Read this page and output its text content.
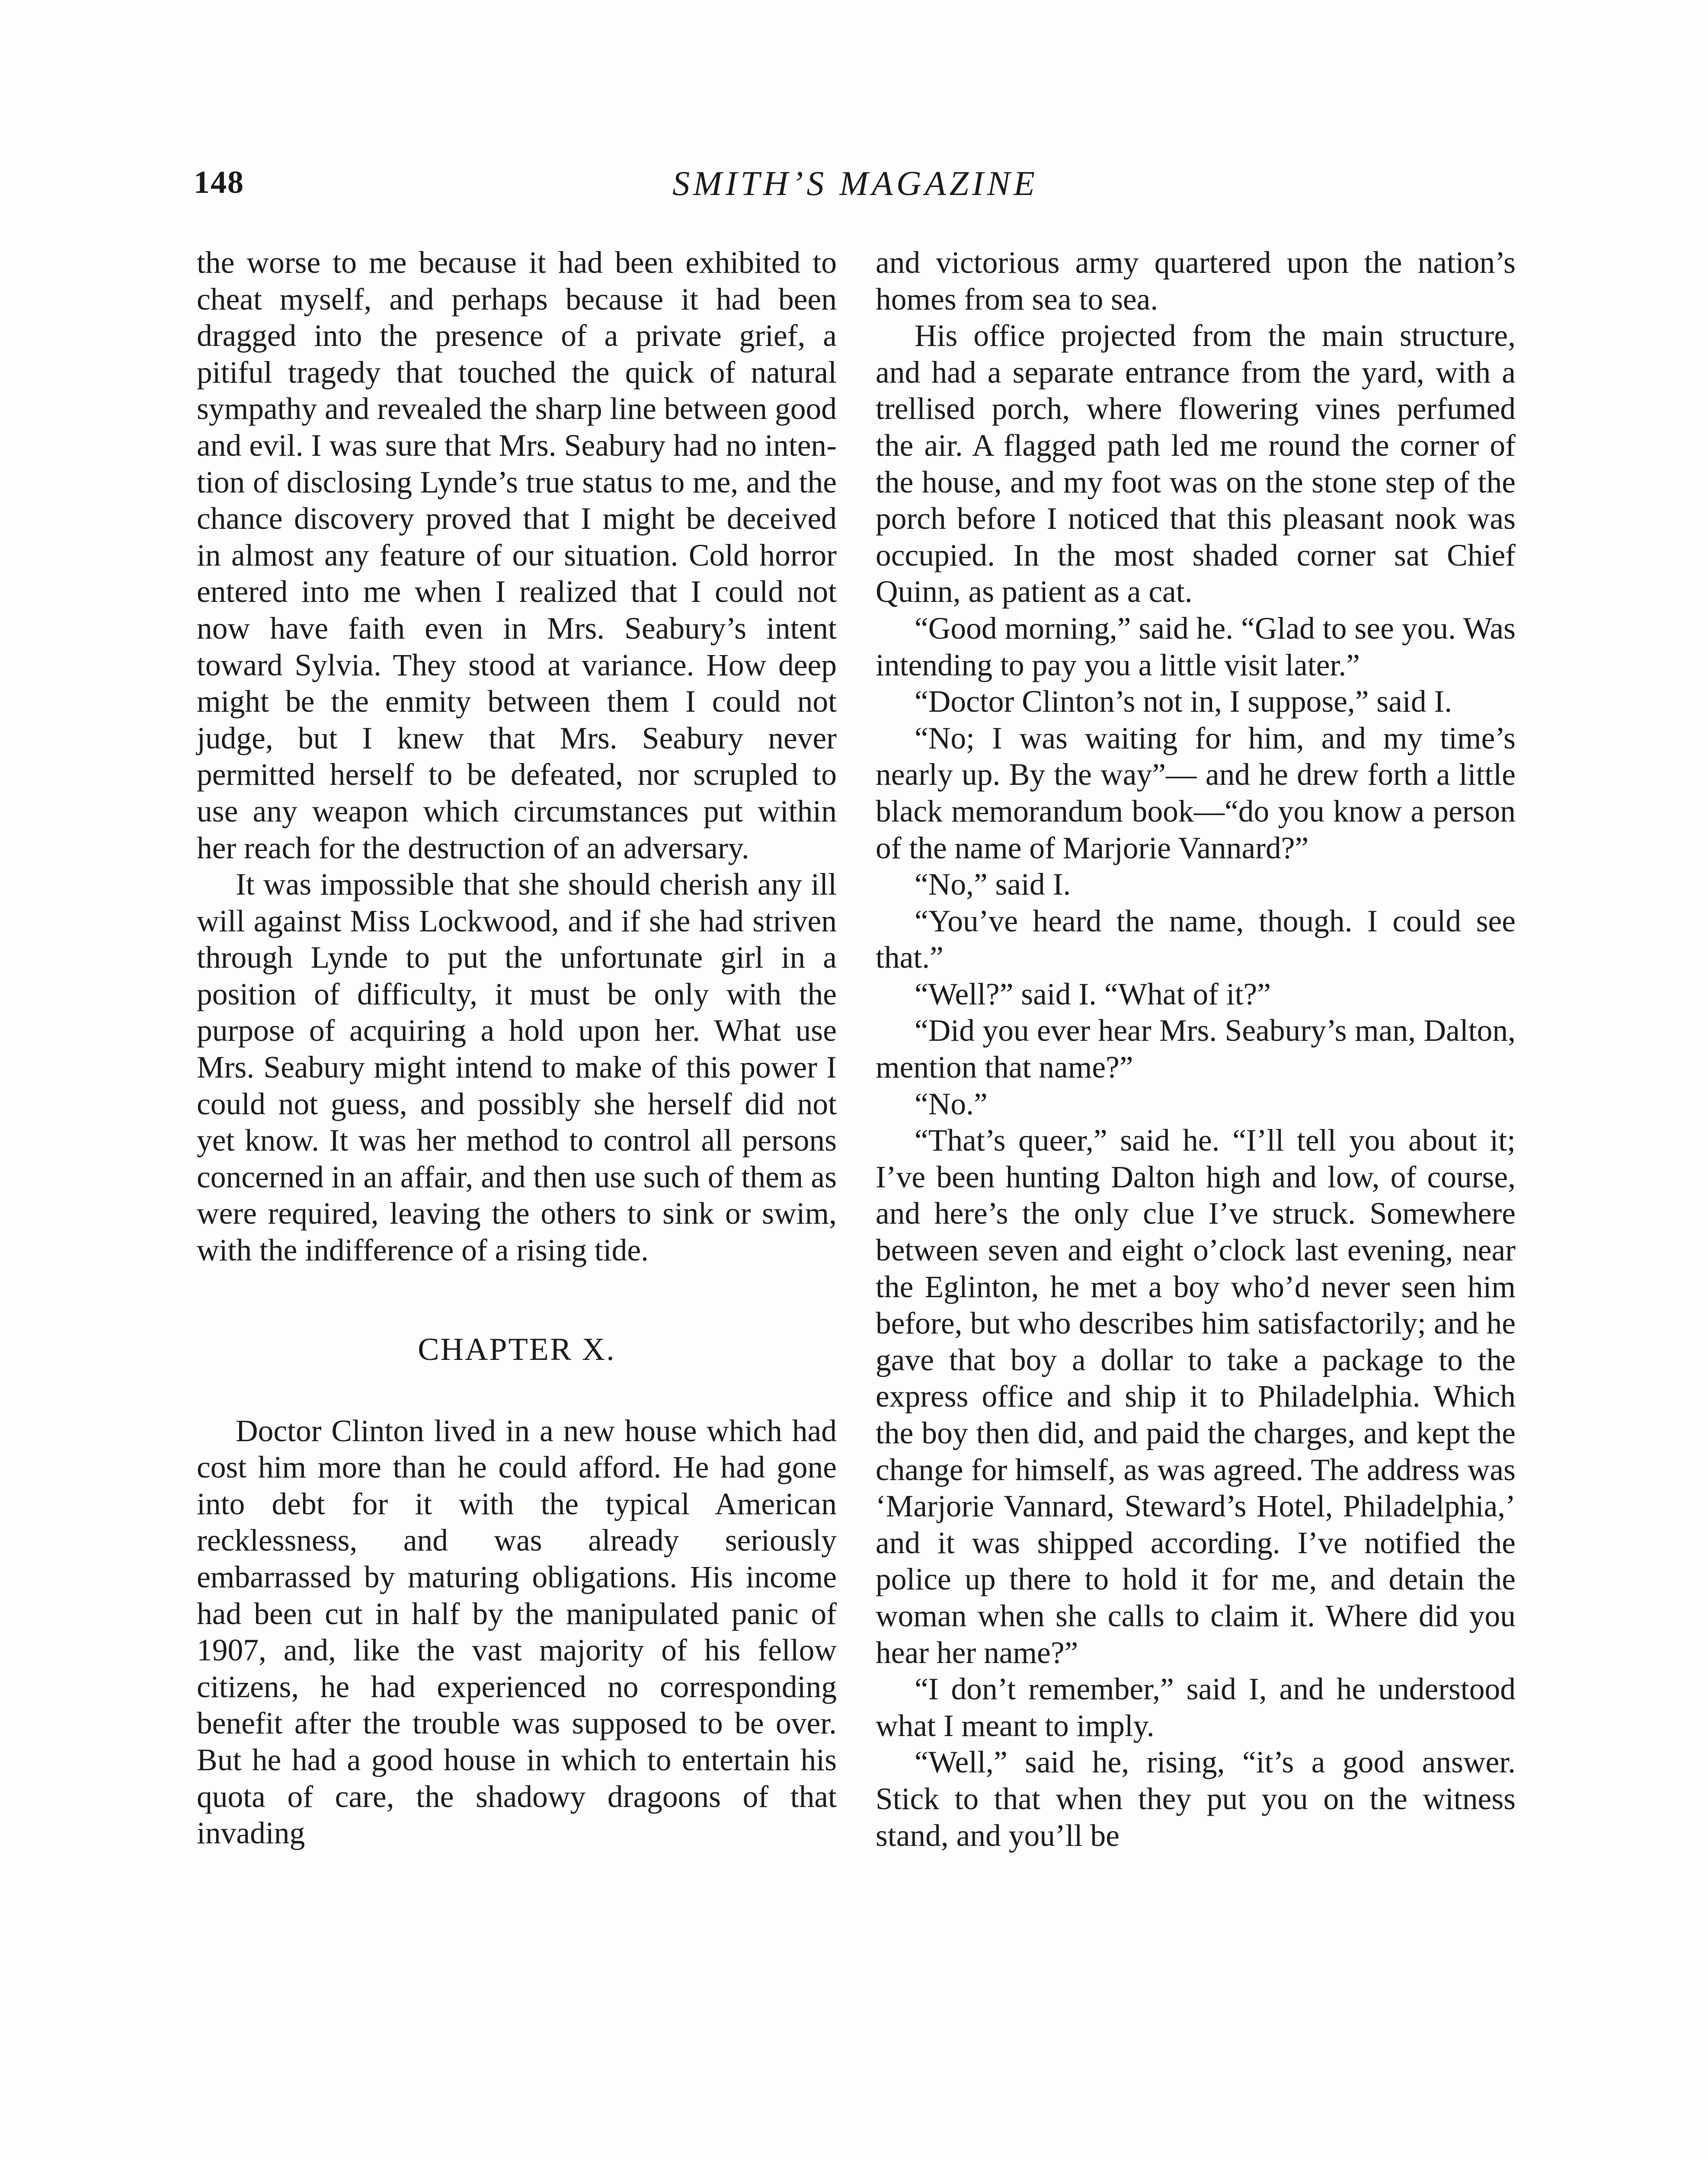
148	SMITH’S MAGAZINE

the worse to me because it had been exhibited to cheat myself, and perhaps because it had been dragged into the presence of a private grief, a pitiful tragedy that touched the quick of natural sympathy and revealed the sharp line between good and evil. I was sure that Mrs. Seabury had no intention of disclosing Lynde’s true status to me, and the chance discovery proved that I might be deceived in almost any feature of our situation. Cold horror entered into me when I realized that I could not now have faith even in Mrs. Seabury’s intent toward Sylvia. They stood at variance. How deep might be the enmity between them I could not judge, but I knew that Mrs. Seabury never permitted herself to be defeated, nor scrupled to use any weapon which circumstances put within her reach for the destruction of an adversary.

It was impossible that she should cherish any ill will against Miss Lockwood, and if she had striven through Lynde to put the unfortunate girl in a position of difficulty, it must be only with the purpose of acquiring a hold upon her. What use Mrs. Seabury might intend to make of this power I could not guess, and possibly she herself did not yet know. It was her method to control all persons concerned in an affair, and then use such of them as were required, leaving the others to sink or swim, with the indifference of a rising tide.

CHAPTER X.

Doctor Clinton lived in a new house which had cost him more than he could afford. He had gone into debt for it with the typical American recklessness, and was already seriously embarrassed by maturing obligations. His income had been cut in half by the manipulated panic of 1907, and, like the vast majority of his fellow citizens, he had experienced no corresponding benefit after the trouble was supposed to be over. But he had a good house in which to entertain his quota of care, the shadowy dragoons of that invading

and victorious army quartered upon the nation’s homes from sea to sea.

His office projected from the main structure, and had a separate entrance from the yard, with a trellised porch, where flowering vines perfumed the air. A flagged path led me round the corner of the house, and my foot was on the stone step of the porch before I noticed that this pleasant nook was occupied. In the most shaded corner sat Chief Quinn, as patient as a cat.

“Good morning,” said he. “Glad to see you. Was intending to pay you a little visit later.”

“Doctor Clinton’s not in, I suppose,” said I.

“No; I was waiting for him, and my time’s nearly up. By the way”— and he drew forth a little black memorandum book—“do you know a person of the name of Marjorie Vannard?”

“No,” said I.

“You’ve heard the name, though. I could see that.”

“Well?” said I. “What of it?”

“Did you ever hear Mrs. Seabury’s man, Dalton, mention that name?”

“No.”

“That’s queer,” said he. “I’ll tell you about it; I’ve been hunting Dalton high and low, of course, and here’s the only clue I’ve struck. Somewhere between seven and eight o’clock last evening, near the Eglinton, he met a boy who’d never seen him before, but who describes him satisfactorily; and he gave that boy a dollar to take a package to the express office and ship it to Philadelphia. Which the boy then did, and paid the charges, and kept the change for himself, as was agreed. The address was ‘Marjorie Vannard, Steward’s Hotel, Philadelphia,’ and it was shipped according. I’ve notified the police up there to hold it for me, and detain the woman when she calls to claim it. Where did you hear her name?”

“I don’t remember,” said I, and he understood what I meant to imply.

“Well,” said he, rising, “it’s a good answer. Stick to that when they put you on the witness stand, and you’ll be
